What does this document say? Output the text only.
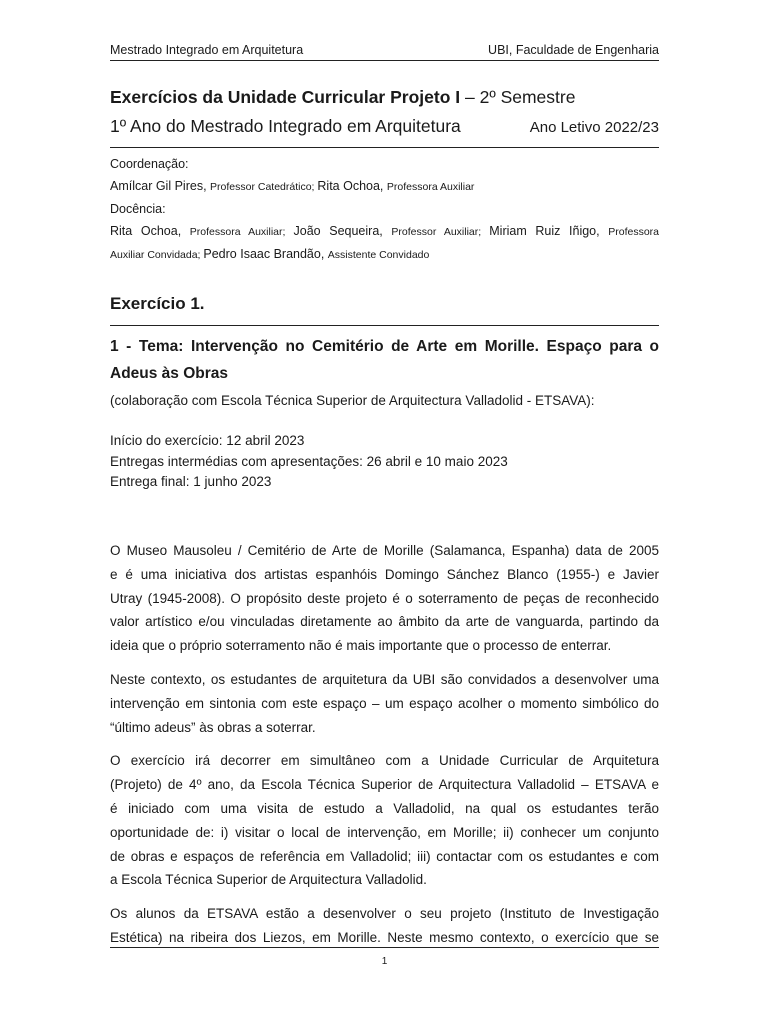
Mestrado Integrado em Arquitetura	UBI, Faculdade de Engenharia
Exercícios da Unidade Curricular Projeto I – 2º Semestre
1º Ano do Mestrado Integrado em Arquitetura	Ano Letivo 2022/23
Coordenação:
Amílcar Gil Pires, Professor Catedrático; Rita Ochoa, Professora Auxiliar
Docência:
Rita Ochoa, Professora Auxiliar; João Sequeira, Professor Auxiliar; Miriam Ruiz Iñigo, Professora
Auxiliar Convidada; Pedro Isaac Brandão, Assistente Convidado
Exercício 1.
1 - Tema: Intervenção no Cemitério de Arte em Morille. Espaço para o
Adeus às Obras
(colaboração com Escola Técnica Superior de Arquitectura Valladolid - ETSAVA):
Início do exercício: 12 abril 2023
Entregas intermédias com apresentações: 26 abril e 10 maio 2023
Entrega final: 1 junho 2023

O Museo Mausoleu / Cemitério de Arte de Morille (Salamanca, Espanha) data de 2005
e é uma iniciativa dos artistas espanhóis Domingo Sánchez Blanco (1955-) e Javier
Utray (1945-2008). O propósito deste projeto é o soterramento de peças de reconhecido
valor artístico e/ou vinculadas diretamente ao âmbito da arte de vanguarda, partindo da
ideia que o próprio soterramento não é mais importante que o processo de enterrar.

Neste contexto, os estudantes de arquitetura da UBI são convidados a desenvolver uma
intervenção em sintonia com este espaço – um espaço acolher o momento simbólico do
“último adeus” às obras a soterrar.

O exercício irá decorrer em simultâneo com a Unidade Curricular de Arquitetura
(Projeto) de 4º ano, da Escola Técnica Superior de Arquitectura Valladolid – ETSAVA e
é iniciado com uma visita de estudo a Valladolid, na qual os estudantes terão
oportunidade de: i) visitar o local de intervenção, em Morille; ii) conhecer um conjunto
de obras e espaços de referência em Valladolid; iii) contactar com os estudantes e com
a Escola Técnica Superior de Arquitectura Valladolid.

Os alunos da ETSAVA estão a desenvolver o seu projeto (Instituto de Investigação
Estética) na ribeira dos Liezos, em Morille. Neste mesmo contexto, o exercício que se

1
